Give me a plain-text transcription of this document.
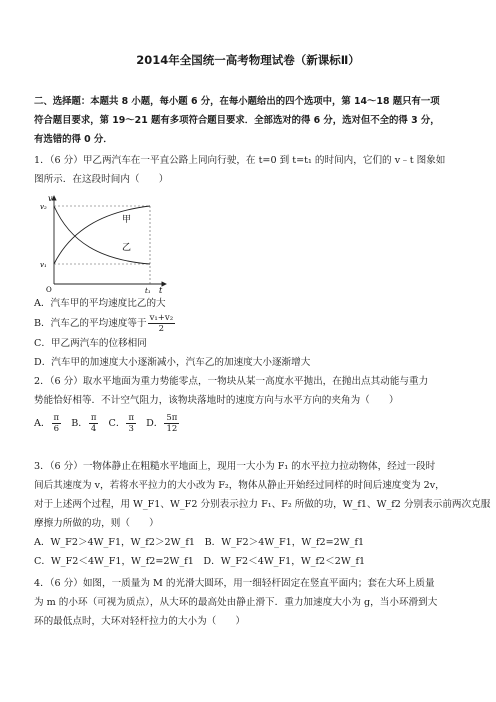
2014年全国统一高考物理试卷（新课标Ⅱ）
二、选择题：本题共 8 小题，每小题 6 分，在每小题给出的四个选项中，第 14～18 题只有一项
符合题目要求，第 19～21 题有多项符合题目要求．全部选对的得 6 分，选对但不全的得 3 分，
有选错的得 0 分．
1．（6 分）甲乙两汽车在一平直公路上同向行驶，在 t=0 到 t=t₁ 的时间内，它们的 v﹣t 图象如
图所示．在这段时间内（　　）
v
v₂
v₁
O	t₁ t
甲
乙
A．汽车甲的平均速度比乙的大
B．汽车乙的平均速度等于 $\frac{\text{v₁+v₂}}{2}$
C．甲乙两汽车的位移相同
D．汽车甲的加速度大小逐渐减小，汽车乙的加速度大小逐渐增大
2．（6 分）取水平地面为重力势能零点，一物块从某一高度水平抛出，在抛出点其动能与重力
势能恰好相等．不计空气阻力，该物块落地时的速度方向与水平方向的夹角为（　　）
A． $\frac{\pi}{6}$ B． $\frac{\pi}{4}$ C． $\frac{\pi}{3}$ D． $\frac{5\pi}{12}$
3．（6 分）一物体静止在粗糙水平地面上，现用一大小为 F₁ 的水平拉力拉动物体，经过一段时
间后其速度为 v，若将水平拉力的大小改为 F₂，物体从静止开始经过同样的时间后速度变为 2v，
对于上述两个过程，用 W_F1、W_F2 分别表示拉力 F₁、F₂ 所做的功，W_f1、W_f2 分别表示前两次克服
摩擦力所做的功，则（　　）
A．W_F2＞4W_F1，W_f2＞2W_f1　B．W_F2＞4W_F1，W_f2=2W_f1
C．W_F2＜4W_F1，W_f2=2W_f1　D．W_F2＜4W_F1，W_f2＜2W_f1
4．（6 分）如图，一质量为 M 的光滑大圆环，用一细轻杆固定在竖直平面内；套在大环上质量
为 m 的小环（可视为质点），从大环的最高处由静止滑下．重力加速度大小为 g，当小环滑到大
环的最低点时，大环对轻杆拉力的大小为（　　）
